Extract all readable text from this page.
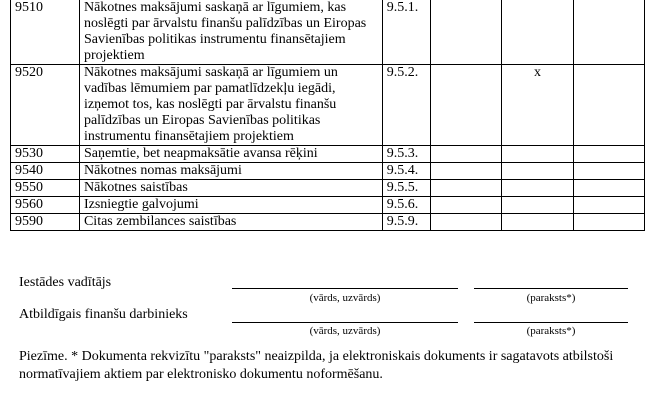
9510	Nākotnes maksājumi saskaņā ar līgumiem, kas noslēgti par ārvalstu finanšu palīdzības un Eiropas Savienības politikas instrumentu finansētajiem projektiem	9.5.1.			
9520	Nākotnes maksājumi saskaņā ar līgumiem un vadības lēmumiem par pamatlīdzekļu iegādi, izņemot tos, kas noslēgti par ārvalstu finanšu palīdzības un Eiropas Savienības politikas instrumentu finansētajiem projektiem	9.5.2.		x	
9530	Saņemtie, bet neapmaksātie avansa rēķini	9.5.3.			
9540	Nākotnes nomas maksājumi	9.5.4.			
9550	Nākotnes saistības	9.5.5.			
9560	Izsniegtie galvojumi	9.5.6.			
9590	Citas zembilances saistības	9.5.9.			
Iestādes vadītājs
(vārds, uzvārds)	(paraksts*)
Atbildīgais finanšu darbinieks
(vārds, uzvārds)	(paraksts*)
Piezīme. * Dokumenta rekvizītu "paraksts" neaizpilda, ja elektroniskais dokuments ir sagatavots atbilstoši normatīvajiem aktiem par elektronisko dokumentu noformēšanu.
